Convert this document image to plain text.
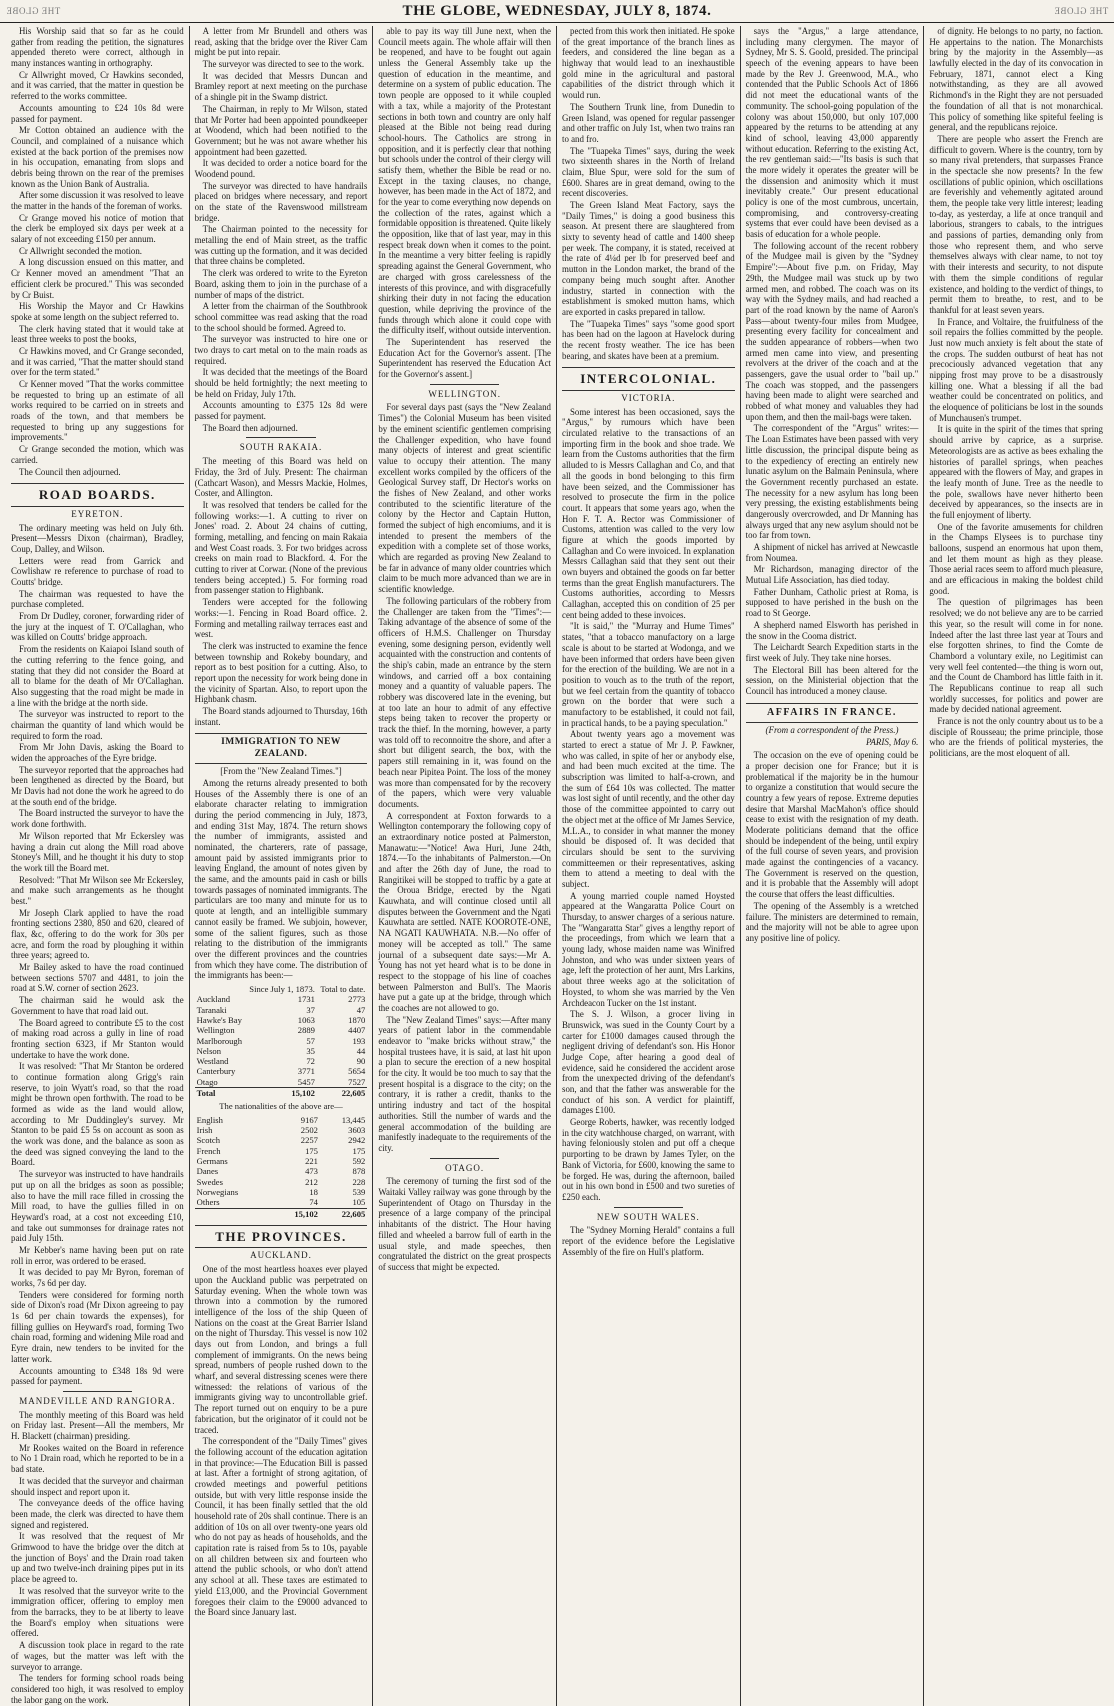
ТНЕ GLOBE	THE GLOBE, WEDNESDAY, JULY 8, 1874.	THE GLOBE

His Worship said that so far as he could gather from reading the petition, the signatures appended thereto were correct, although in many instances wanting in orthography.

Cr Allwright moved, Cr Hawkins seconded, and it was carried, that the matter in question be referred to the works committee.

Accounts amounting to £24 10s 8d were passed for payment.

Mr Cotton obtained an audience with the Council, and complained of a nuisance which existed at the back portion of the premises now in his occupation, emanating from slops and debris being thrown on the rear of the premises known as the Union Bank of Australia.

After some discussion it was resolved to leave the matter in the hands of the foreman of works.

Cr Grange moved his notice of motion that the clerk be employed six days per week at a salary of not exceeding £150 per annum.

Cr Allwright seconded the motion.

A long discussion ensued on this matter, and Cr Kenner moved an amendment "That an efficient clerk be procured." This was seconded by Cr Buist.

His Worship the Mayor and Cr Hawkins spoke at some length on the subject referred to.

The clerk having stated that it would take at least three weeks to post the books,

Cr Hawkins moved, and Cr Grange seconded, and it was carried, "That the matter should stand over for the term stated."

Cr Kenner moved "That the works committee be requested to bring up an estimate of all works required to be carried on in streets and roads of the town, and that members be requested to bring up any suggestions for improvements."

Cr Grange seconded the motion, which was carried.

The Council then adjourned.

ROAD BOARDS.
EYRETON.

The ordinary meeting was held on July 6th. Present—Messrs Dixon (chairman), Bradley, Coup, Dalley, and Wilson.

Letters were read from Garrick and Cowlishaw re reference to purchase of road to Coutts' bridge.

The chairman was requested to have the purchase completed.

From Dr Dudley, coroner, forwarding rider of the jury at the inquest of T. O'Callaghan, who was killed on Coutts' bridge approach.

From the residents on Kaiapoi Island south of the cutting referring to the fence going, and stating that they did not consider the Board at all to blame for the death of Mr O'Callaghan. Also suggesting that the road might be made in a line with the bridge at the north side.

The surveyor was instructed to report to the chairman the quantity of land which would be required to form the road.

From Mr John Davis, asking the Board to widen the approaches of the Eyre bridge.

The surveyor reported that the approaches had been lengthened as directed by the Board, but Mr Davis had not done the work he agreed to do at the south end of the bridge.

The Board instructed the surveyor to have the work done forthwith.

Mr Wilson reported that Mr Eckersley was having a drain cut along the Mill road above Stoney's Mill, and he thought it his duty to stop the work till the Board met.

Resolved: "That Mr Wilson see Mr Eckersley, and make such arrangements as he thought best."

Mr Joseph Clark applied to have the road fronting sections 2380, 850 and 620, cleared of flax, &c, offering to do the work for 30s per acre, and form the road by ploughing it within three years; agreed to.

Mr Bailey asked to have the road continued between sections 5707 and 4481, to join the road at S.W. corner of section 2623.

The chairman said he would ask the Government to have that road laid out.

The Board agreed to contribute £5 to the cost of making road across a gully in line of road fronting section 6323, if Mr Stanton would undertake to have the work done.

It was resolved: "That Mr Stanton be ordered to continue formation along Grigg's rain reserve, to join Wyatt's road, so that the road might be thrown open forthwith. The road to be formed as wide as the land would allow, according to Mr Duddingley's survey. Mr Stanton to be paid £5 5s on account as soon as the work was done, and the balance as soon as the deed was signed conveying the land to the Board.

The surveyor was instructed to have handrails put up on all the bridges as soon as possible; also to have the mill race filled in crossing the Mill road, to have the gullies filled in on Heyward's road, at a cost not exceeding £10, and take out summonses for drainage rates not paid July 15th.

Mr Kebber's name having been put on rate roll in error, was ordered to be erased.

It was decided to pay Mr Byron, foreman of works, 7s 6d per day.

Tenders were considered for forming north side of Dixon's road (Mr Dixon agreeing to pay 1s 6d per chain towards the expenses), for filling gullies on Heyward's road, forming Two chain road, forming and widening Mile road and Eyre drain, new tenders to be invited for the latter work.

Accounts amounting to £348 18s 9d were passed for payment.

MANDEVILLE AND RANGIORA.

The monthly meeting of this Board was held on Friday last. Present—All the members, Mr H. Blackett (chairman) presiding.

Mr Rookes waited on the Board in reference to No 1 Drain road, which he reported to be in a bad state.

It was decided that the surveyor and chairman should inspect and report upon it.

The conveyance deeds of the office having been made, the clerk was directed to have them signed and registered.

It was resolved that the request of Mr Grimwood to have the bridge over the ditch at the junction of Boys' and the Drain road taken up and two twelve-inch draining pipes put in its place be agreed to.

It was resolved that the surveyor write to the immigration officer, offering to employ men from the barracks, they to be at liberty to leave the Board's employ when situations were offered.

A discussion took place in regard to the rate of wages, but the matter was left with the surveyor to arrange.

The tenders for forming school roads being considered too high, it was resolved to employ the labor gang on the work.

A letter from Mr Brundell and others was read, asking that the bridge over the River Cam might be put into repair.

The surveyor was directed to see to the work.

It was decided that Messrs Duncan and Bramley report at next meeting on the purchase of a shingle pit in the Swamp district.

The Chairman, in reply to Mr Wilson, stated that Mr Porter had been appointed poundkeeper at Woodend, which had been notified to the Government; but he was not aware whether his appointment had been gazetted.

It was decided to order a notice board for the Woodend pound.

The surveyor was directed to have handrails placed on bridges where necessary, and report on the state of the Ravenswood millstream bridge.

The Chairman pointed to the necessity for metalling the end of Main street, as the traffic was cutting up the formation, and it was decided that three chains be completed.

The clerk was ordered to write to the Eyreton Board, asking them to join in the purchase of a number of maps of the district.

A letter from the chairman of the Southbrook school committee was read asking that the road to the school should be formed. Agreed to.

The surveyor was instructed to hire one or two drays to cart metal on to the main roads as required.

It was decided that the meetings of the Board should be held fortnightly; the next meeting to be held on Friday, July 17th.

Accounts amounting to £375 12s 8d were passed for payment.

The Board then adjourned.

SOUTH RAKAIA.

The meeting of this Board was held on Friday, the 3rd of July. Present: The chairman (Cathcart Wason), and Messrs Mackie, Holmes, Coster, and Allington.

It was resolved that tenders be called for the following works:—1. A cutting to river on Jones' road. 2. About 24 chains of cutting, forming, metalling, and fencing on main Rakaia and West Coast roads. 3. For two bridges across creeks on main road to Blackford. 4. For the cutting to river at Corwar. (None of the previous tenders being accepted.) 5. For forming road from passenger station to Highbank.

Tenders were accepted for the following works:—1. Fencing in Road Board office. 2. Forming and metalling railway terraces east and west.

The clerk was instructed to examine the fence between township and Rokeby boundary, and report as to best position for a cutting. Also, to report upon the necessity for work being done in the vicinity of Spartan. Also, to report upon the Highbank chasm.

The Board stands adjourned to Thursday, 16th instant.

IMMIGRATION TO NEW ZEALAND.

[From the "New Zealand Times."]

Among the returns already presented to both Houses of the Assembly there is one of an elaborate character relating to immigration during the period commencing in July, 1873, and ending 31st May, 1874. The return shows the number of immigrants, assisted and nominated, the charterers, rate of passage, amount paid by assisted immigrants prior to leaving England, the amount of notes given by the same, and the amounts paid in cash or bills towards passages of nominated immigrants. The particulars are too many and minute for us to quote at length, and an intelligible summary cannot easily be framed. We subjoin, however, some of the salient figures, such as those relating to the distribution of the immigrants over the different provinces and the countries from which they have come. The distribution of the immigrants has been:—

	Since July 1, 1873.	Total to date.
Auckland	1731	2773
Taranaki	37	47
Hawke's Bay	1063	1870
Wellington	2889	4407
Marlborough	57	193
Nelson	35	44
Westland	72	90
Canterbury	3771	5654
Otago	5457	7527
Total	15,102	22,605
The nationalities of the above are—
English	9167	13,445
Irish	2502	3603
Scotch	2257	2942
French	175	175
Germans	221	592
Danes	473	878
Swedes	212	228
Norwegians	18	539
Others	74	105
	15,102	22,605
THE PROVINCES.
AUCKLAND.

One of the most heartless hoaxes ever played upon the Auckland public was perpetrated on Saturday evening. When the whole town was thrown into a commotion by the rumored intelligence of the loss of the ship Queen of Nations on the coast at the Great Barrier Island on the night of Thursday. This vessel is now 102 days out from London, and brings a full complement of immigrants. On the news being spread, numbers of people rushed down to the wharf, and several distressing scenes were there witnessed: the relations of various of the immigrants giving way to uncontrollable grief. The report turned out on enquiry to be a pure fabrication, but the originator of it could not be traced.

The correspondent of the "Daily Times" gives the following account of the education agitation in that province:—The Education Bill is passed at last. After a fortnight of strong agitation, of crowded meetings and powerful petitions outside, but with very little response inside the Council, it has been finally settled that the old household rate of 20s shall continue. There is an addition of 10s on all over twenty-one years old who do not pay as heads of households, and the capitation rate is raised from 5s to 10s, payable on all children between six and fourteen who attend the public schools, or who don't attend any school at all. These taxes are estimated to yield £13,000, and the Provincial Government foregoes their claim to the £9000 advanced to the Board since January last.

able to pay its way till June next, when the Council meets again. The whole affair will then be reopened, and have to be fought out again unless the General Assembly take up the question of education in the meantime, and determine on a system of public education. The town people are opposed to it while coupled with a tax, while a majority of the Protestant sections in both town and country are only half pleased at the Bible not being read during school-hours. The Catholics are strong in opposition, and it is perfectly clear that nothing but schools under the control of their clergy will satisfy them, whether the Bible be read or no. Except in the taxing clauses, no change, however, has been made in the Act of 1872, and for the year to come everything now depends on the collection of the rates, against which a formidable opposition is threatened. Quite likely the opposition, like that of last year, may in this respect break down when it comes to the point. In the meantime a very bitter feeling is rapidly spreading against the General Government, who are charged with gross carelessness of the interests of this province, and with disgracefully shirking their duty in not facing the education question, while depriving the province of the funds through which alone it could cope with the difficulty itself, without outside intervention.

The Superintendent has reserved the Education Act for the Governor's assent. [The Superintendent has reserved the Education Act for the Governor's assent.]

WELLINGTON.

For several days past (says the "New Zealand Times") the Colonial Museum has been visited by the eminent scientific gentlemen comprising the Challenger expedition, who have found many objects of interest and great scientific value to occupy their attention. The many excellent works compiled by the officers of the Geological Survey staff, Dr Hector's works on the fishes of New Zealand, and other works contributed to the scientific literature of the colony by the Hector and Captain Hutton, formed the subject of high encomiums, and it is intended to present the members of the expedition with a complete set of those works, which are regarded as proving New Zealand to be far in advance of many older countries which claim to be much more advanced than we are in scientific knowledge.

The following particulars of the robbery from the Challenger are taken from the "Times":—Taking advantage of the absence of some of the officers of H.M.S. Challenger on Thursday evening, some designing person, evidently well acquainted with the construction and contents of the ship's cabin, made an entrance by the stern windows, and carried off a box containing money and a quantity of valuable papers. The robbery was discovered late in the evening, but at too late an hour to admit of any effective steps being taken to recover the property or track the thief. In the morning, however, a party was told off to reconnoitre the shore, and after a short but diligent search, the box, with the papers still remaining in it, was found on the beach near Pipitea Point. The loss of the money was more than compensated for by the recovery of the papers, which were very valuable documents.

A correspondent at Foxton forwards to a Wellington contemporary the following copy of an extraordinary notice posted at Palmerston, Manawatu:—"Notice! Awa Huri, June 24th, 1874.—To the inhabitants of Palmerston.—On and after the 26th day of June, the road to Rangitikei will be stopped to traffic by a gate at the Oroua Bridge, erected by the Ngati Kauwhata, and will continue closed until all disputes between the Government and the Ngati Kauwhata are settled. NATE KOOROTE-ONE, NA NGATI KAUWHATA. N.B.—No offer of money will be accepted as toll." The same journal of a subsequent date says:—Mr A. Young has not yet heard what is to be done in respect to the stoppage of his line of coaches between Palmerston and Bull's. The Maoris have put a gate up at the bridge, through which the coaches are not allowed to go.

The "New Zealand Times" says:—After many years of patient labor in the commendable endeavor to "make bricks without straw," the hospital trustees have, it is said, at last hit upon a plan to secure the erection of a new hospital for the city. It would be too much to say that the present hospital is a disgrace to the city; on the contrary, it is rather a credit, thanks to the untiring industry and tact of the hospital authorities. Still the number of wards and the general accommodation of the building are manifestly inadequate to the requirements of the city.

OTAGO.

The ceremony of turning the first sod of the Waitaki Valley railway was gone through by the Superintendent of Otago on Thursday in the presence of a large company of the principal inhabitants of the district. The Hour having filled and wheeled a barrow full of earth in the usual style, and made speeches, then congratulated the district on the great prospects of success that might be expected.

pected from this work then initiated. He spoke of the great importance of the branch lines as feeders, and considered the line began as a highway that would lead to an inexhaustible gold mine in the agricultural and pastoral capabilities of the district through which it would run.

The Southern Trunk line, from Dunedin to Green Island, was opened for regular passenger and other traffic on July 1st, when two trains ran to and fro.

The "Tuapeka Times" says, during the week two sixteenth shares in the North of Ireland claim, Blue Spur, were sold for the sum of £600. Shares are in great demand, owing to the recent discoveries.

The Green Island Meat Factory, says the "Daily Times," is doing a good business this season. At present there are slaughtered from sixty to seventy head of cattle and 1400 sheep per week. The company, it is stated, received at the rate of 4¼d per lb for preserved beef and mutton in the London market, the brand of the company being much sought after. Another industry, started in connection with the establishment is smoked mutton hams, which are exported in casks prepared in tallow.

The "Tuapeka Times" says "some good sport has been had on the lagoon at Havelock during the recent frosty weather. The ice has been bearing, and skates have been at a premium.

INTERCOLONIAL.
VICTORIA.

Some interest has been occasioned, says the "Argus," by rumours which have been circulated relative to the transactions of an importing firm in the book and shoe trade. We learn from the Customs authorities that the firm alluded to is Messrs Callaghan and Co, and that all the goods in bond belonging to this firm have been seized, and the Commissioner has resolved to prosecute the firm in the police court. It appears that some years ago, when the Hon F. T. A. Rector was Commissioner of Customs, attention was called to the very low figure at which the goods imported by Callaghan and Co were invoiced. In explanation Messrs Callaghan said that they sent out their own buyers and obtained the goods on far better terms than the great English manufacturers. The Customs authorities, according to Messrs Callaghan, accepted this on condition of 25 per cent being added to these invoices.

"It is said," the "Murray and Hume Times" states, "that a tobacco manufactory on a large scale is about to be started at Wodonga, and we have been informed that orders have been given for the erection of the building. We are not in a position to vouch as to the truth of the report, but we feel certain from the quantity of tobacco grown on the border that were such a manufactory to be established, it could not fail, in practical hands, to be a paying speculation."

About twenty years ago a movement was started to erect a statue of Mr J. P. Fawkner, who was called, in spite of her or anybody else, and had been much excited at the time. The subscription was limited to half-a-crown, and the sum of £64 10s was collected. The matter was lost sight of until recently, and the other day those of the committee appointed to carry out the object met at the office of Mr James Service, M.L.A., to consider in what manner the money should be disposed of. It was decided that circulars should be sent to the surviving committeemen or their representatives, asking them to attend a meeting to deal with the subject.

A young married couple named Hoysted appeared at the Wangaratta Police Court on Thursday, to answer charges of a serious nature. The "Wangaratta Star" gives a lengthy report of the proceedings, from which we learn that a young lady, whose maiden name was Winifred Johnston, and who was under sixteen years of age, left the protection of her aunt, Mrs Larkins, about three weeks ago at the solicitation of Hoysted, to whom she was married by the Ven Archdeacon Tucker on the 1st instant.

The S. J. Wilson, a grocer living in Brunswick, was sued in the County Court by a carter for £1000 damages caused through the negligent driving of defendant's son. His Honor Judge Cope, after hearing a good deal of evidence, said he considered the accident arose from the unexpected driving of the defendant's son, and that the father was answerable for the conduct of his son. A verdict for plaintiff, damages £100.

George Roberts, hawker, was recently lodged in the city watchhouse charged, on warrant, with having feloniously stolen and put off a cheque purporting to be drawn by James Tyler, on the Bank of Victoria, for £600, knowing the same to be forged. He was, during the afternoon, bailed out in his own bond in £500 and two sureties of £250 each.

NEW SOUTH WALES.

The "Sydney Morning Herald" contains a full report of the evidence before the Legislative Assembly of the fire on Hull's platform.

says the "Argus," a large attendance, including many clergymen. The mayor of Sydney, Mr S. S. Goold, presided. The principal speech of the evening appears to have been made by the Rev J. Greenwood, M.A., who contended that the Public Schools Act of 1866 did not meet the educational wants of the community. The school-going population of the colony was about 150,000, but only 107,000 appeared by the returns to be attending at any kind of school, leaving 43,000 apparently without education. Referring to the existing Act, the rev gentleman said:—"Its basis is such that the more widely it operates the greater will be the dissension and animosity which it must inevitably create." Our present educational policy is one of the most cumbrous, uncertain, compromising, and controversy-creating systems that ever could have been devised as a basis of education for a whole people.

The following account of the recent robbery of the Mudgee mail is given by the "Sydney Empire":—About five p.m. on Friday, May 29th, the Mudgee mail was stuck up by two armed men, and robbed. The coach was on its way with the Sydney mails, and had reached a part of the road known by the name of Aaron's Pass—about twenty-four miles from Mudgee, presenting every facility for concealment and the sudden appearance of robbers—when two armed men came into view, and presenting revolvers at the driver of the coach and at the passengers, gave the usual order to "bail up." The coach was stopped, and the passengers having been made to alight were searched and robbed of what money and valuables they had upon them, and then the mail-bags were taken.

The correspondent of the "Argus" writes:—The Loan Estimates have been passed with very little discussion, the principal dispute being as to the expediency of erecting an entirely new lunatic asylum on the Balmain Peninsula, where the Government recently purchased an estate. The necessity for a new asylum has long been very pressing, the existing establishments being dangerously overcrowded, and Dr Manning has always urged that any new asylum should not be too far from town.

A shipment of nickel has arrived at Newcastle from Noumea.

Mr Richardson, managing director of the Mutual Life Association, has died today.

Father Dunham, Catholic priest at Roma, is supposed to have perished in the bush on the road to St George.

A shepherd named Elsworth has perished in the snow in the Cooma district.

The Leichardt Search Expedition starts in the first week of July. They take nine horses.

The Electoral Bill has been altered for the session, on the Ministerial objection that the Council has introduced a money clause.

AFFAIRS IN FRANCE.
(From a correspondent of the Press.)
PARIS, May 6.

The occasion on the eve of opening could be a proper decision one for France; but it is problematical if the majority be in the humour to organize a constitution that would secure the country a few years of repose. Extreme deputies desire that Marshal MacMahon's office should cease to exist with the resignation of my death. Moderate politicians demand that the office should be independent of the being, until expiry of the full course of seven years, and provision made against the contingencies of a vacancy. The Government is reserved on the question, and it is probable that the Assembly will adopt the course that offers the least difficulties.

The opening of the Assembly is a wretched failure. The ministers are determined to remain, and the majority will not be able to agree upon any positive line of policy.

of dignity. He belongs to no party, no faction. He appertains to the nation. The Monarchists bring by the majority in the Assembly—as lawfully elected in the day of its convocation in February, 1871, cannot elect a King notwithstanding, as they are all avowed Richmond's in the Right they are not persuaded the foundation of all that is not monarchical. This policy of something like spiteful feeling is general, and the republicans rejoice.

There are people who assert the French are difficult to govern. Where is the country, torn by so many rival pretenders, that surpasses France in the spectacle she now presents? In the few oscillations of public opinion, which oscillations are feverishly and vehemently agitated around them, the people take very little interest; leading to-day, as yesterday, a life at once tranquil and laborious, strangers to cabals, to the intrigues and passions of parties, demanding only from those who represent them, and who serve themselves always with clear name, to not toy with their interests and security, to not dispute with them the simple conditions of regular existence, and holding to the verdict of things, to permit them to breathe, to rest, and to be thankful for at least seven years.

In France, and Voltaire, the fruitfulness of the soil repairs the follies committed by the people. Just now much anxiety is felt about the state of the crops. The sudden outburst of heat has not precociously advanced vegetation that any nipping frost may prove to be a disastrously killing one. What a blessing if all the bad weather could be concentrated on politics, and the eloquence of politicians be lost in the sounds of Munchausen's trumpet.

It is quite in the spirit of the times that spring should arrive by caprice, as a surprise. Meteorologists are as active as bees exhaling the histories of parallel springs, when peaches appeared with the flowers of May, and grapes in the leafy month of June. Tree as the needle to the pole, swallows have never hitherto been deceived by appearances, so the insects are in the full enjoyment of liberty.

One of the favorite amusements for children in the Champs Elysees is to purchase tiny balloons, suspend an enormous hat upon them, and let them mount as high as they please. Those aerial races seem to afford much pleasure, and are efficacious in making the boldest child good.

The question of pilgrimages has been resolved; we do not believe any are to be carried this year, so the result will come in for none. Indeed after the last three last year at Tours and else forgotten shrines, to find the Comte de Chambord a voluntary exile, no Legitimist can very well feel contented—the thing is worn out, and the Count de Chambord has little faith in it. The Republicans continue to reap all such worldly successes, for politics and power are made by decided national agreement.

France is not the only country about us to be a disciple of Rousseau; the prime principle, those who are the friends of political mysteries, the politicians, are the most eloquent of all.
